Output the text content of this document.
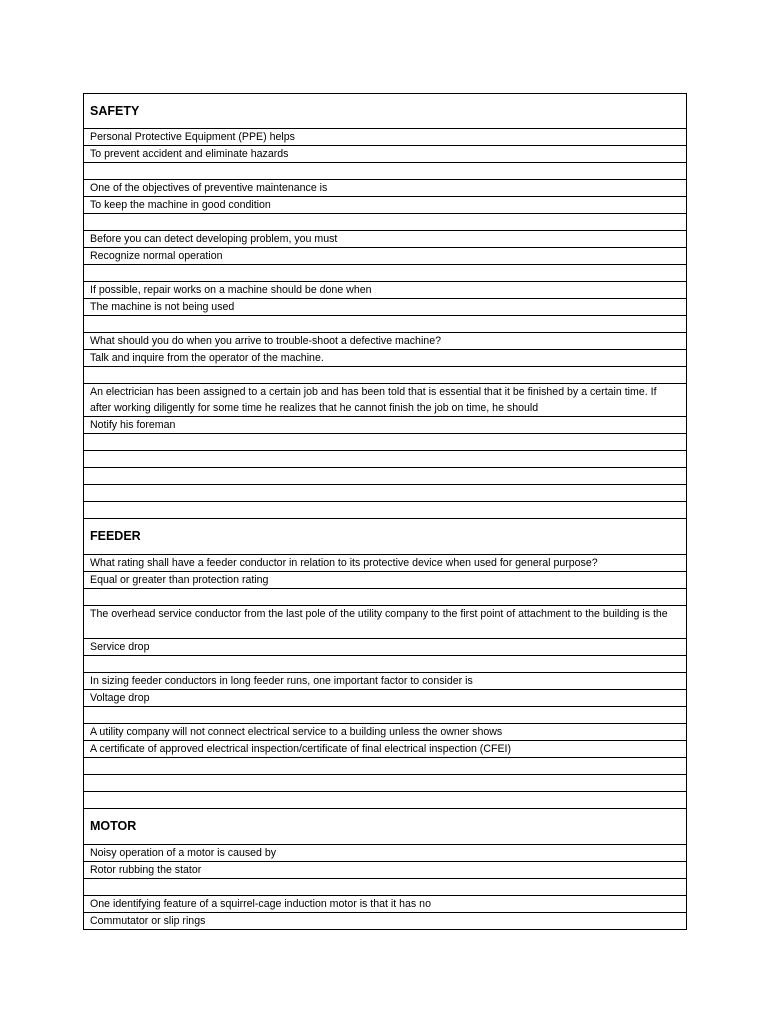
SAFETY
Personal Protective Equipment (PPE) helps
To prevent accident and eliminate hazards
One of the objectives of preventive maintenance is
To keep the machine in good condition
Before you can detect developing problem, you must
Recognize normal operation
If possible, repair works on a machine should be done when
The machine is not being used
What should you do when you arrive to trouble-shoot a defective machine?
Talk and inquire from the operator of the machine.
An electrician has been assigned to a certain job and has been told that is essential that it be finished by a certain time. If after working diligently for some time he realizes that he cannot finish the job on time, he should
Notify his foreman
FEEDER
What rating shall have a feeder conductor in relation to its protective device when used for general purpose?
Equal or greater than protection rating
The overhead service conductor from the last pole of the utility company to the first point of attachment to the building is the
Service drop
In sizing feeder conductors in long feeder runs, one important factor to consider is
Voltage drop
A utility company will not connect electrical service to a building unless the owner shows
A certificate of approved electrical inspection/certificate of final electrical inspection (CFEI)
MOTOR
Noisy operation of a motor is caused by
Rotor rubbing the stator
One identifying feature of a squirrel-cage induction motor is that it has no
Commutator or slip rings
